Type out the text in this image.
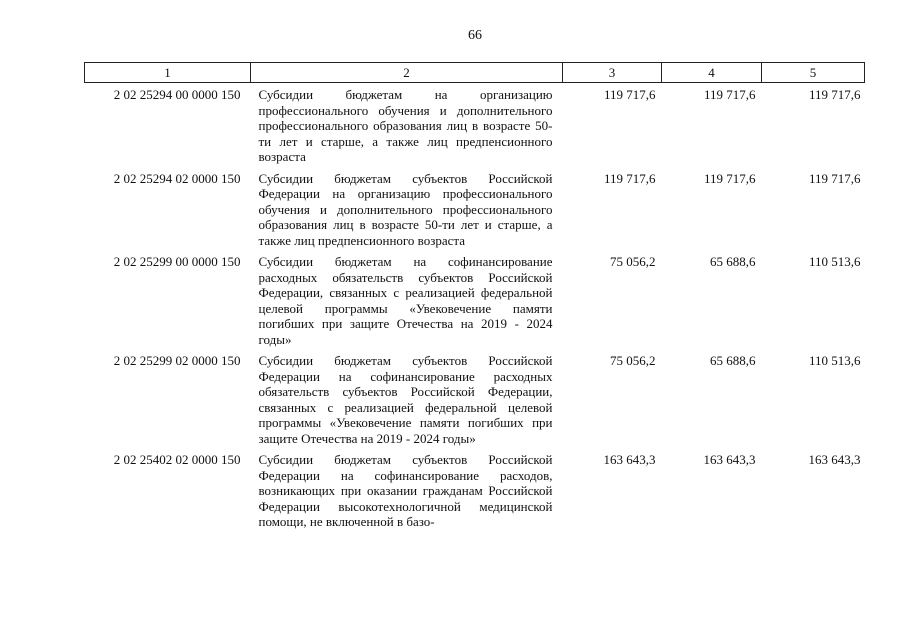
66
1	2	3	4	5
2 02 25294 00 0000 150	Субсидии бюджетам на организацию профессионального обучения и дополнительного профессионального образования лиц в возрасте 50-ти лет и старше, а также лиц предпенсионного возраста	119 717,6	119 717,6	119 717,6
2 02 25294 02 0000 150	Субсидии бюджетам субъектов Российской Федерации на организацию профессионального обучения и дополнительного профессионального образования лиц в возрасте 50-ти лет и старше, а также лиц предпенсионного возраста	119 717,6	119 717,6	119 717,6
2 02 25299 00 0000 150	Субсидии бюджетам на софинансирование расходных обязательств субъектов Российской Федерации, связанных с реализацией федеральной целевой программы «Увековечение памяти погибших при защите Отечества на 2019 - 2024 годы»	75 056,2	65 688,6	110 513,6
2 02 25299 02 0000 150	Субсидии бюджетам субъектов Российской Федерации на софинансирование расходных обязательств субъектов Российской Федерации, связанных с реализацией федеральной целевой программы «Увековечение памяти погибших при защите Отечества на 2019 - 2024 годы»	75 056,2	65 688,6	110 513,6
2 02 25402 02 0000 150	Субсидии бюджетам субъектов Российской Федерации на софинансирование расходов, возникающих при оказании гражданам Российской Федерации высокотехнологичной медицинской помощи, не включенной в базо-	163 643,3	163 643,3	163 643,3
